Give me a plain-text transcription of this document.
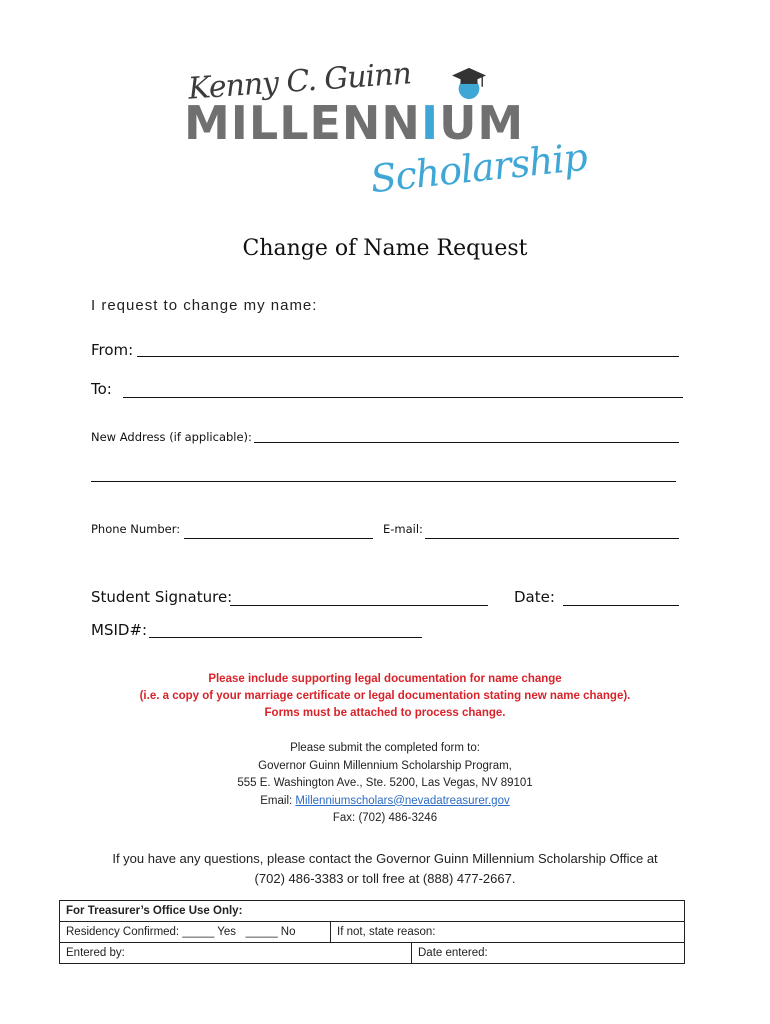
Kenny C. Guinn
MILLENNIUM
Scholarship
Change of Name Request
I request to change my name:
From:
To:
New Address (if applicable):
Phone Number:	E-mail:
Student Signature:	Date:
MSID#:
Please include supporting legal documentation for name change
(i.e. a copy of your marriage certificate or legal documentation stating new name change).
Forms must be attached to process change.
Please submit the completed form to:
Governor Guinn Millennium Scholarship Program,
555 E. Washington Ave., Ste. 5200, Las Vegas, NV 89101
Email: Millenniumscholars@nevadatreasurer.gov
Fax: (702) 486-3246
If you have any questions, please contact the Governor Guinn Millennium Scholarship Office at
(702) 486-3383 or toll free at (888) 477-2667.
For Treasurer’s Office Use Only:
Residency Confirmed: _____ Yes   _____ No	If not, state reason:
Entered by:	Date entered:
